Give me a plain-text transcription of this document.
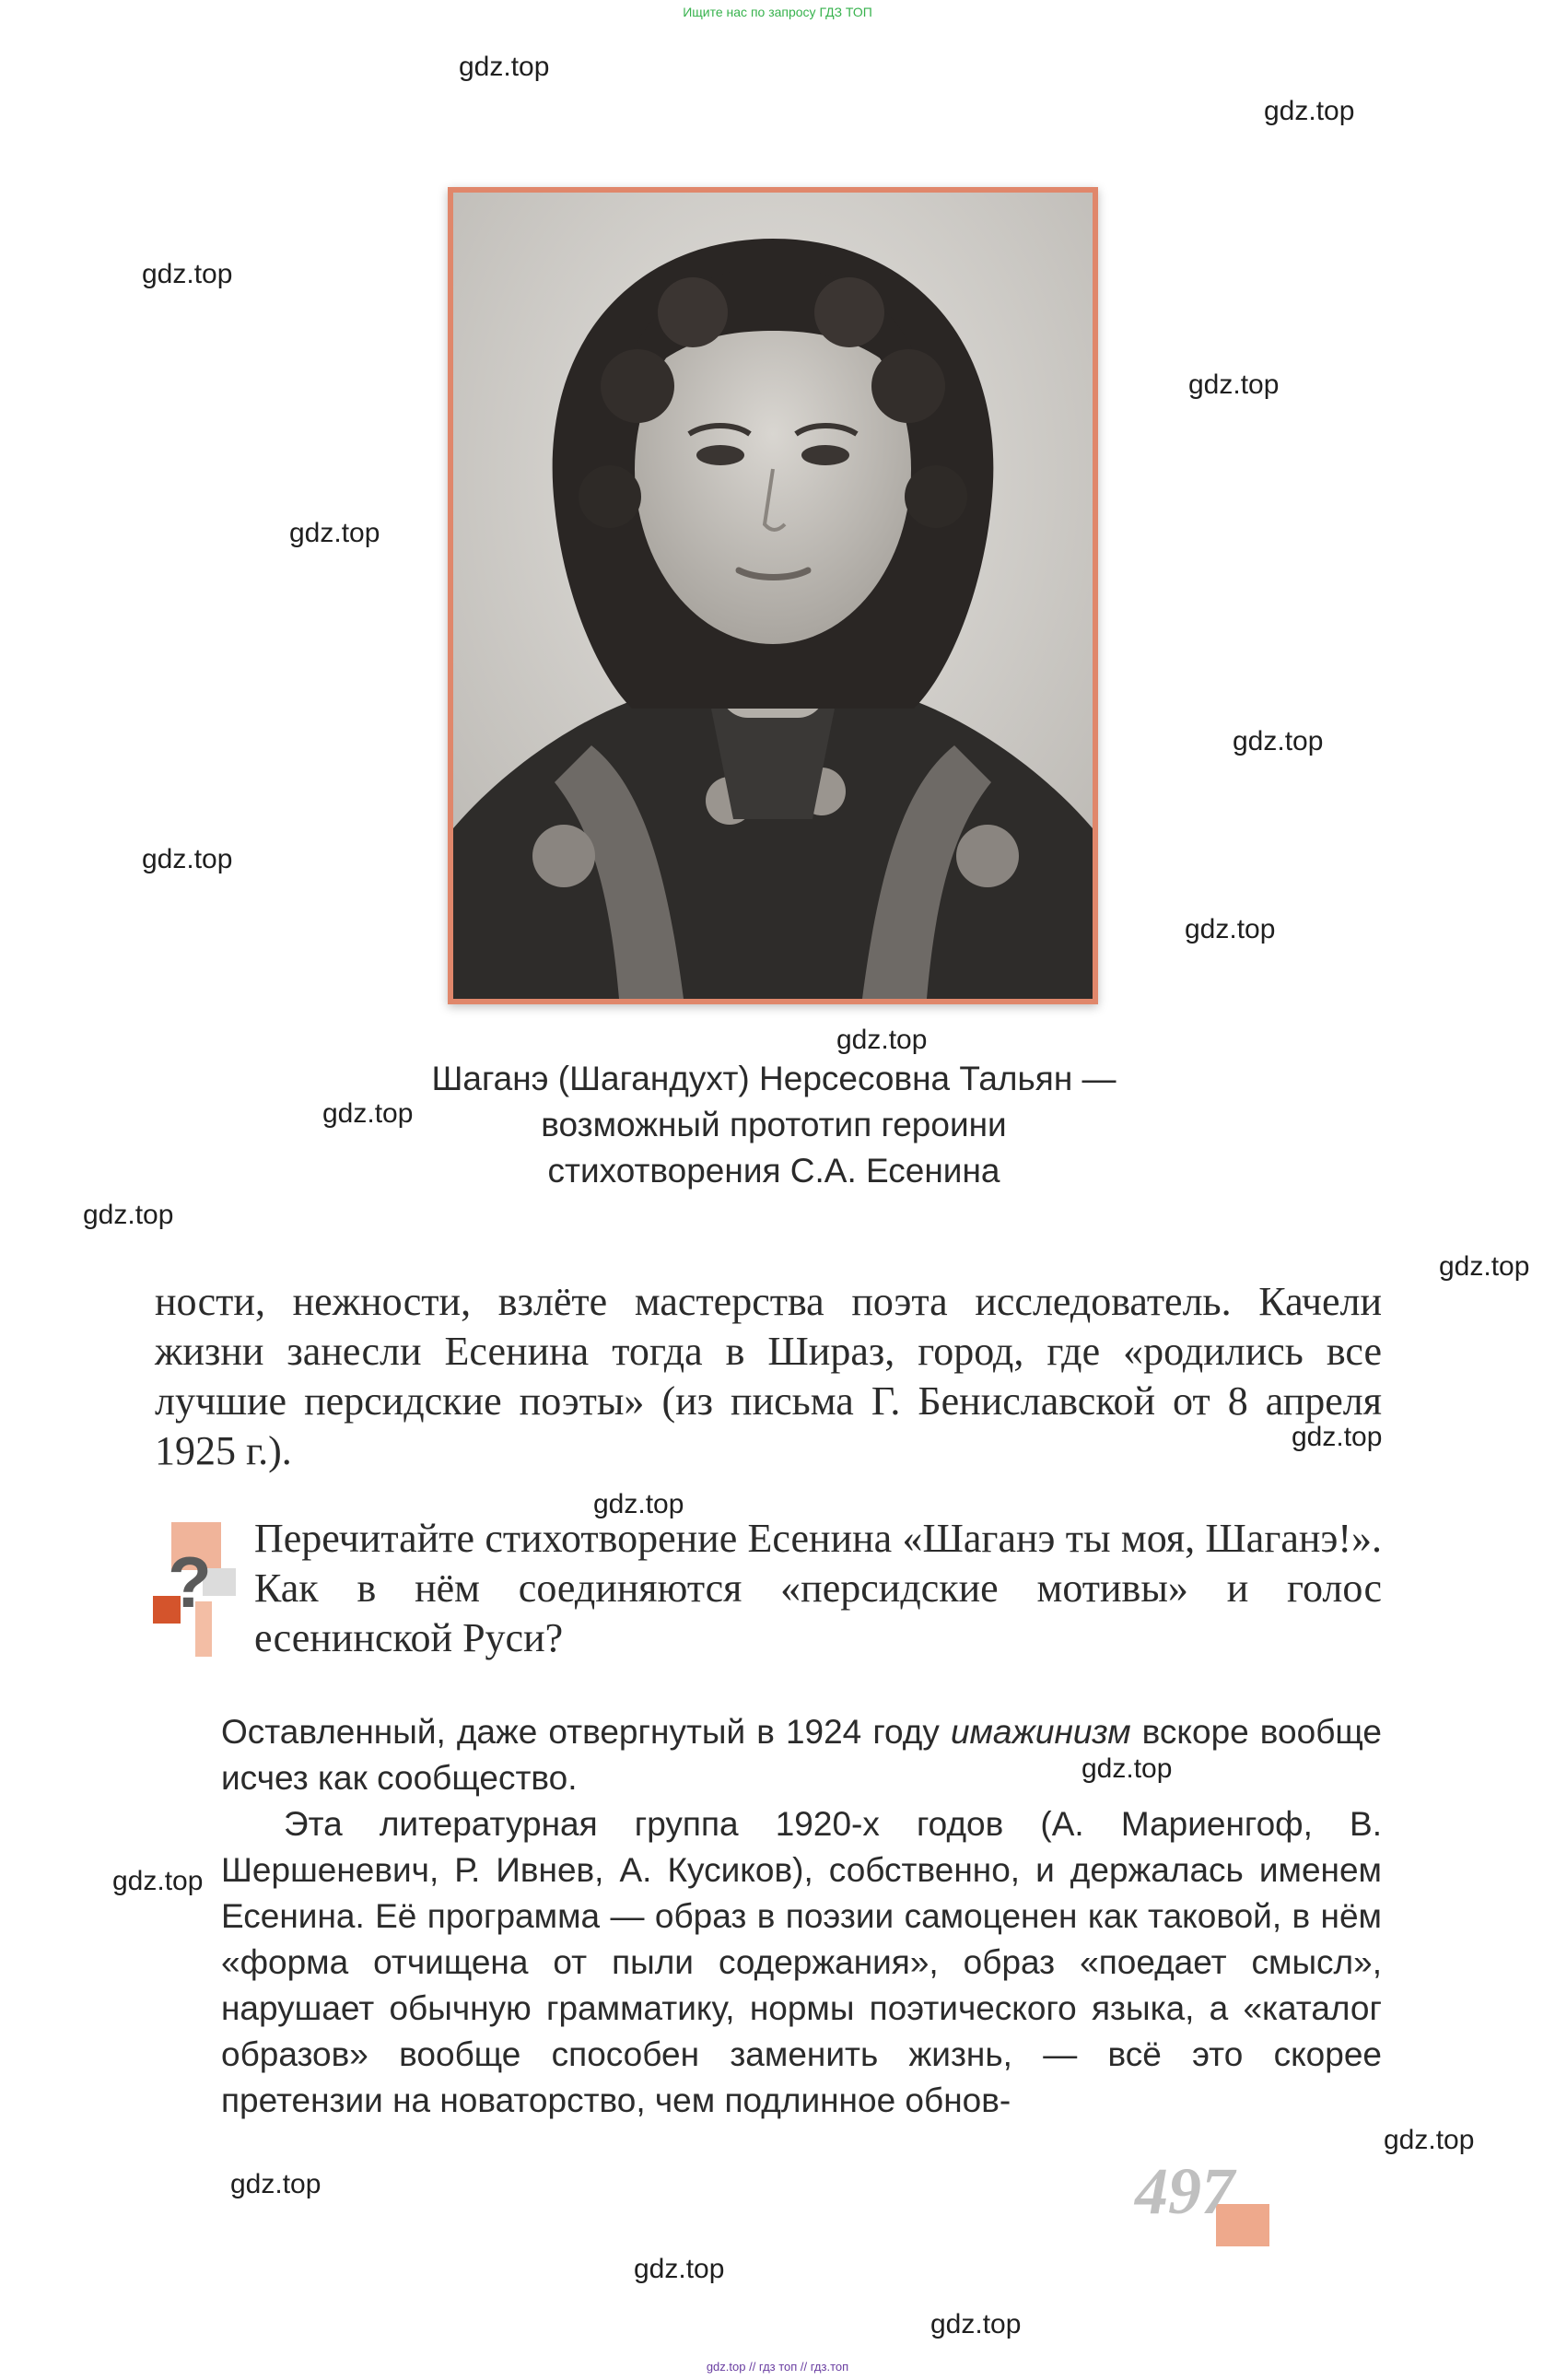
Ищите нас по запросу ГДЗ ТОП
gdz.top
gdz.top
gdz.top
gdz.top
gdz.top
gdz.top
gdz.top
gdz.top
gdz.top
gdz.top
gdz.top
gdz.top
gdz.top
gdz.top
gdz.top
gdz.top
gdz.top
gdz.top
gdz.top
gdz.top
Шаганэ (Шагандухт) Нерсесовна Тальян —
возможный прототип героини
стихотворения С.А. Есенина

ности, нежности, взлёте мастерства поэта исследователь. Качели жизни занесли Есенина тогда в Шираз, город, где «родились все лучшие персидские поэты» (из письма Г. Бениславской от 8 апреля 1925 г.).

?
Перечитайте стихотворение Есенина «Шаганэ ты моя, Шаганэ!». Как в нём соединяются «персидские мотивы» и голос есенинской Руси?

Оставленный, даже отвергнутый в 1924 году имажинизм вскоре вообще исчез как сообщество.

Эта литературная группа 1920-х годов (А. Мариенгоф, В. Шершеневич, Р. Ивнев, А. Кусиков), собственно, и держалась именем Есенина. Её программа — образ в поэзии самоценен как таковой, в нём «форма отчищена от пыли содержания», образ «поедает смысл», нарушает обычную грамматику, нормы поэтического языка, а «каталог образов» вообще способен заменить жизнь, — всё это скорее претензии на новаторство, чем подлинное обнов-

497
gdz.top // гдз топ // гдз.топ
